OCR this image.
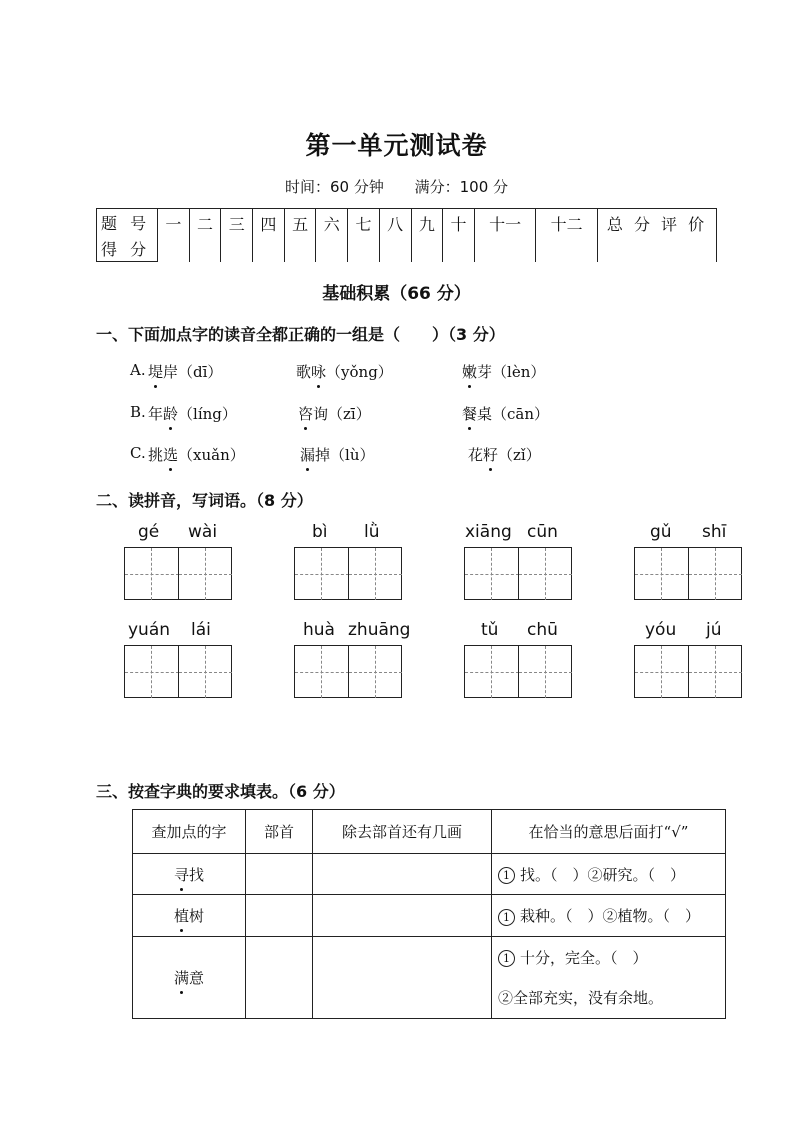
第一单元测试卷
时间：60 分钟 满分：100 分
题 号	一	二	三	四	五	六	七	八	九	十	十一	十二	总 分 评 价
得 分
基础积累（66 分）
一、下面加点字的读音全都正确的一组是（　　）（3 分）
A. 堤岸（dī）	歌咏（yǒng）	嫩芽（lèn）
B. 年龄（líng）	咨询（zī）	餐桌（cān）
C. 挑选（xuǎn）	漏掉（lù）	花籽（zǐ）
二、读拼音，写词语。（8 分）
gé wài	bì lǜ	xiāng cūn	gǔ shī
yuán lái	huà zhuāng	tǔ chū	yóu jú
三、按查字典的要求填表。（6 分）
查加点的字	部首	除去部首还有几画	在恰当的意思后面打“√”
寻找			1 找。（　）②研究。（　）
植树			1 栽种。（　）②植物。（　）
满意			1 十分，完全。（　）
②全部充实，没有余地。
